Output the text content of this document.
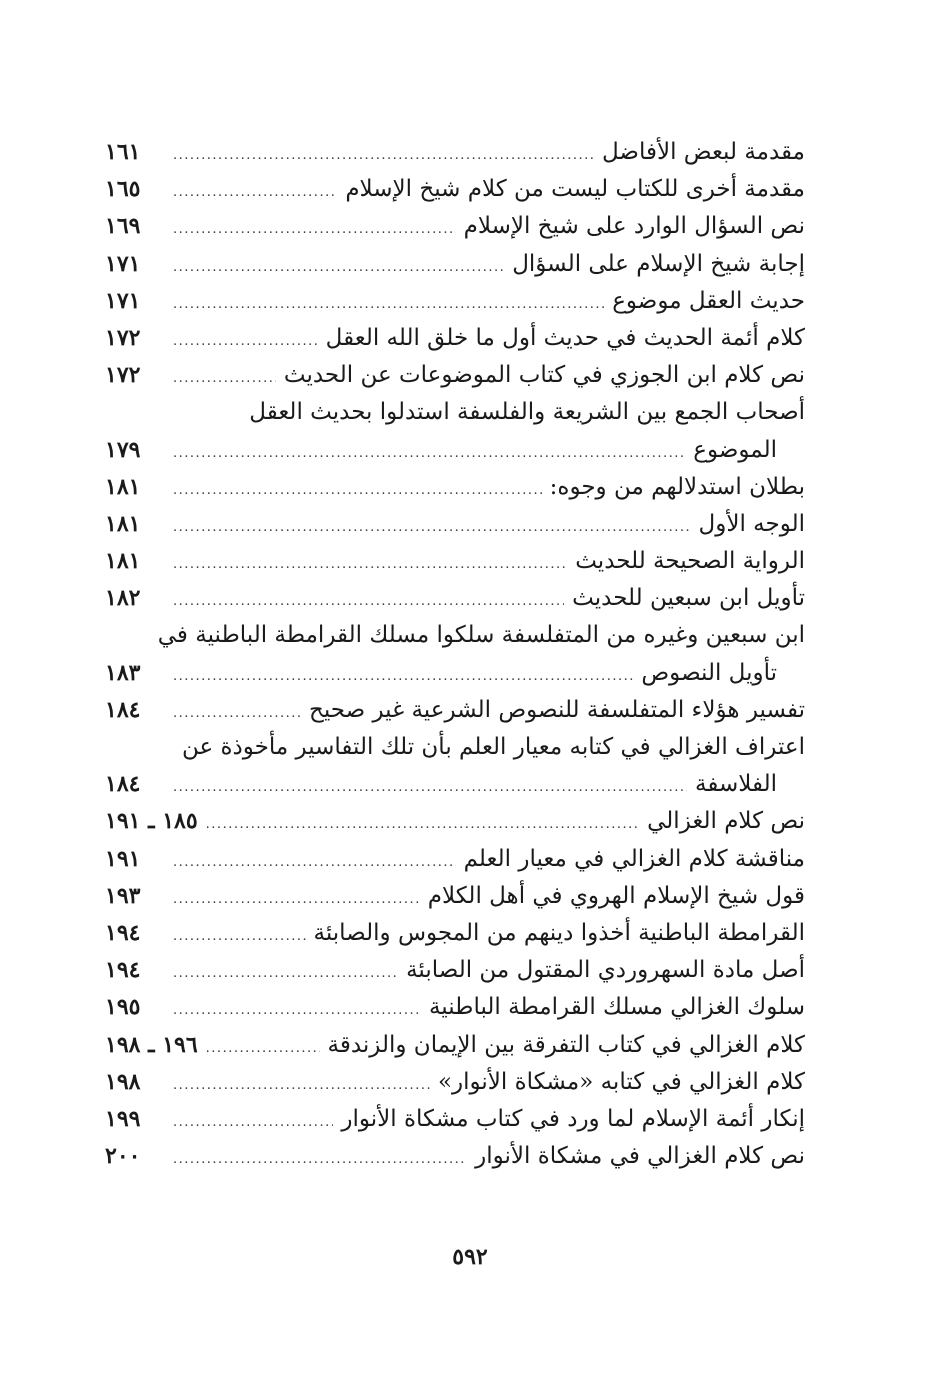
مقدمة لبعض الأفاضل
.....
١٦١
مقدمة أخرى للكتاب ليست من كلام شيخ الإسلام
.....
١٦٥
نص السؤال الوارد على شيخ الإسلام
.....
١٦٩
إجابة شيخ الإسلام على السؤال
.....
١٧١
حديث العقل موضوع
.....
١٧١
كلام أئمة الحديث في حديث أول ما خلق الله العقل
.....
١٧٢
نص كلام ابن الجوزي في كتاب الموضوعات عن الحديث
.....
١٧٢
أصحاب الجمع بين الشريعة والفلسفة استدلوا بحديث العقل
الموضوع
.....
١٧٩
بطلان استدلالهم من وجوه:
.....
١٨١
الوجه الأول
.....
١٨١
الرواية الصحيحة للحديث
.....
١٨١
تأويل ابن سبعين للحديث
.....
١٨٢
ابن سبعين وغيره من المتفلسفة سلكوا مسلك القرامطة الباطنية في
تأويل النصوص
.....
١٨٣
تفسير هؤلاء المتفلسفة للنصوص الشرعية غير صحيح
.....
١٨٤
اعتراف الغزالي في كتابه معيار العلم بأن تلك التفاسير مأخوذة عن
الفلاسفة
.....
١٨٤
نص كلام الغزالي
.....
١٨٥ ـ ١٩١
مناقشة كلام الغزالي في معيار العلم
.....
١٩١
قول شيخ الإسلام الهروي في أهل الكلام
.....
١٩٣
القرامطة الباطنية أخذوا دينهم من المجوس والصابئة
.....
١٩٤
أصل مادة السهروردي المقتول من الصابئة
.....
١٩٤
سلوك الغزالي مسلك القرامطة الباطنية
.....
١٩٥
كلام الغزالي في كتاب التفرقة بين الإيمان والزندقة
.....
١٩٦ ـ ١٩٨
كلام الغزالي في كتابه «مشكاة الأنوار»
.....
١٩٨
إنكار أئمة الإسلام لما ورد في كتاب مشكاة الأنوار
.....
١٩٩
نص كلام الغزالي في مشكاة الأنوار
.....
٢٠٠
٥٩٢
